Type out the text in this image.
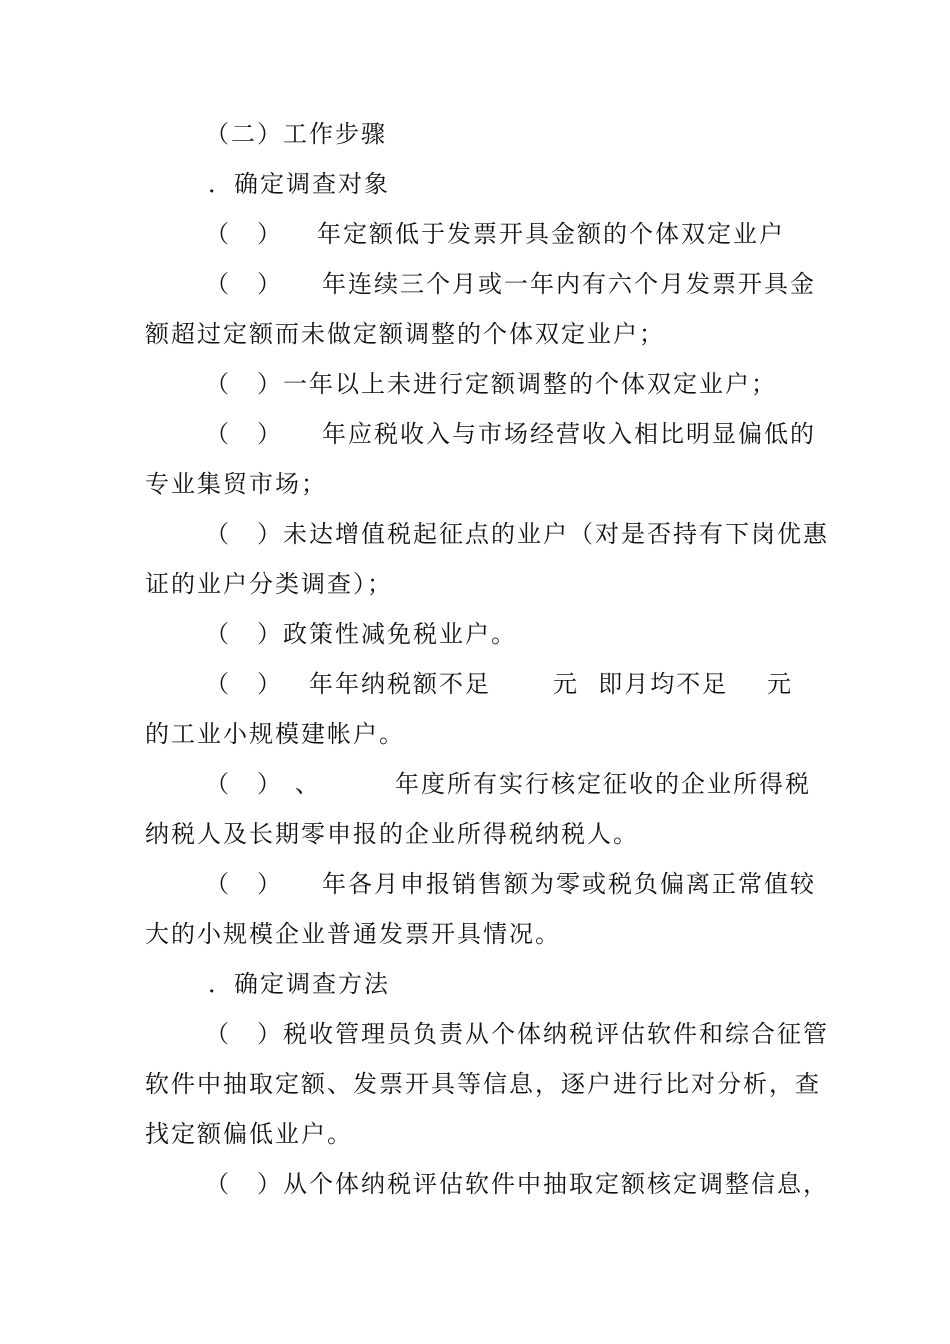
（二）工作步骤
．确定调查对象

（　）

年定额低于发票开具金额的个体双定业户

（　）

年连续三个月或一年内有六个月发票开具金

额超过定额而未做定额调整的个体双定业户；
（　）一年以上未进行定额调整的个体双定业户；

（　）

年应税收入与市场经营收入相比明显偏低的

专业集贸市场；
（　）未达增值税起征点的业户（对是否持有下岗优惠
证的业户分类调查）；
（　）政策性减免税业户。

（　）

年年纳税额不足

	元  即月均不足

元

的工业小规模建帐户。

（　）

、

	年度所有实行核定征收的企业所得税

纳税人及长期零申报的企业所得税纳税人。

（　）

年各月申报销售额为零或税负偏离正常值较

大的小规模企业普通发票开具情况。
．确定调查方法
（　）税收管理员负责从个体纳税评估软件和综合征管
软件中抽取定额、发票开具等信息，逐户进行比对分析，查
找定额偏低业户。
（　）从个体纳税评估软件中抽取定额核定调整信息，
